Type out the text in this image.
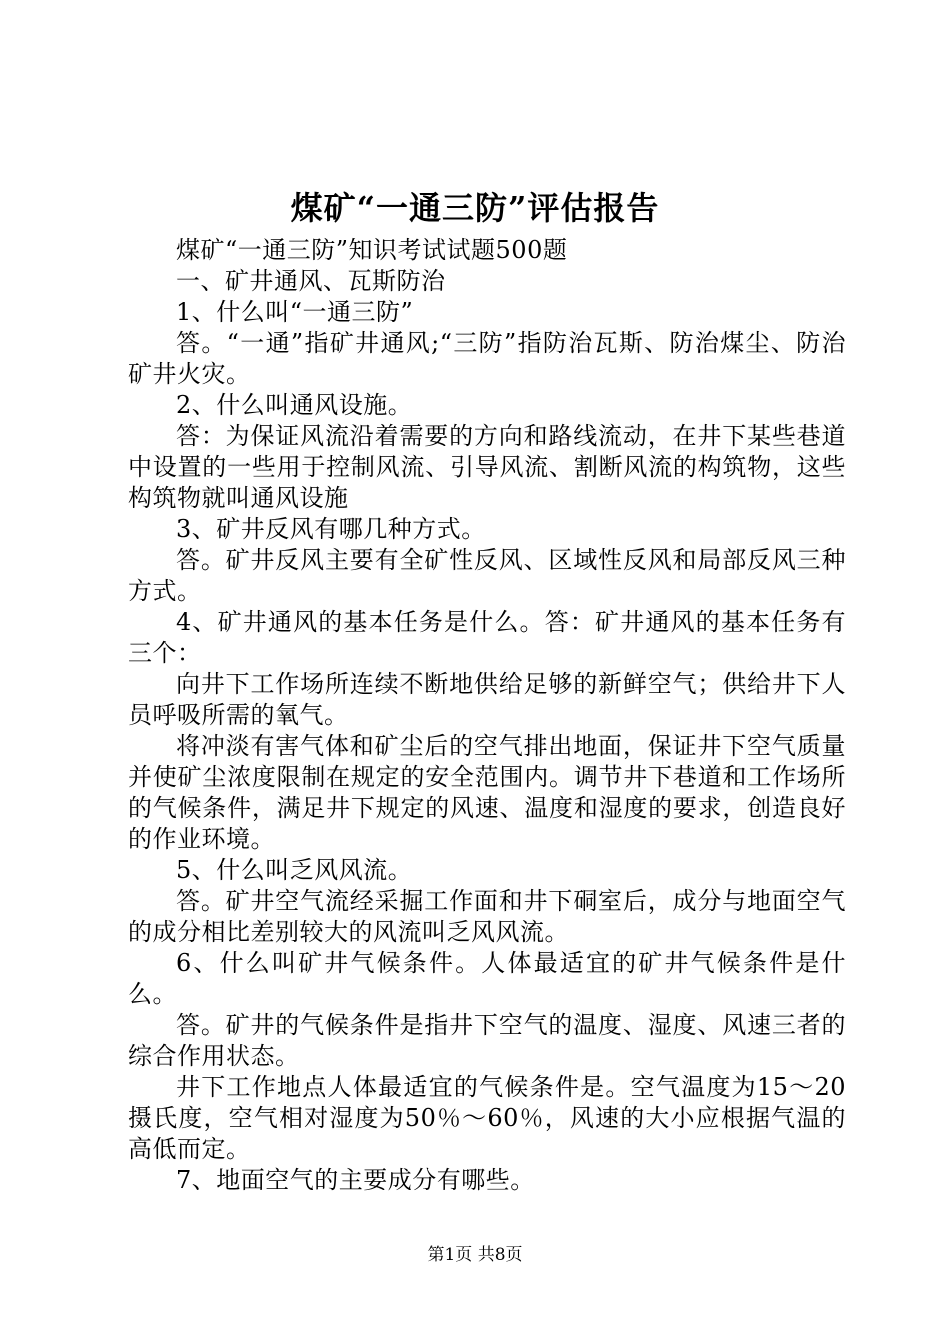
煤矿“一通三防”评估报告

煤矿“一通三防”知识考试试题500题

一、矿井通风、瓦斯防治

1、什么叫“一通三防”

答。“一通”指矿井通风;“三防”指防治瓦斯、防治煤尘、防治矿井火灾。

2、什么叫通风设施。

答：为保证风流沿着需要的方向和路线流动，在井下某些巷道中设置的一些用于控制风流、引导风流、割断风流的构筑物，这些构筑物就叫通风设施

3、矿井反风有哪几种方式。

答。矿井反风主要有全矿性反风、区域性反风和局部反风三种方式。

4、矿井通风的基本任务是什么。答：矿井通风的基本任务有三个：

向井下工作场所连续不断地供给足够的新鲜空气；供给井下人员呼吸所需的氧气。

将冲淡有害气体和矿尘后的空气排出地面，保证井下空气质量并使矿尘浓度限制在规定的安全范围内。调节井下巷道和工作场所的气候条件，满足井下规定的风速、温度和湿度的要求，创造良好的作业环境。

5、什么叫乏风风流。

答。矿井空气流经采掘工作面和井下硐室后，成分与地面空气的成分相比差别较大的风流叫乏风风流。

6、什么叫矿井气候条件。人体最适宜的矿井气候条件是什么。

答。矿井的气候条件是指井下空气的温度、湿度、风速三者的综合作用状态。

井下工作地点人体最适宜的气候条件是。空气温度为15～20摄氏度，空气相对湿度为50％～60％，风速的大小应根据气温的高低而定。

7、地面空气的主要成分有哪些。

第1页 共8页
